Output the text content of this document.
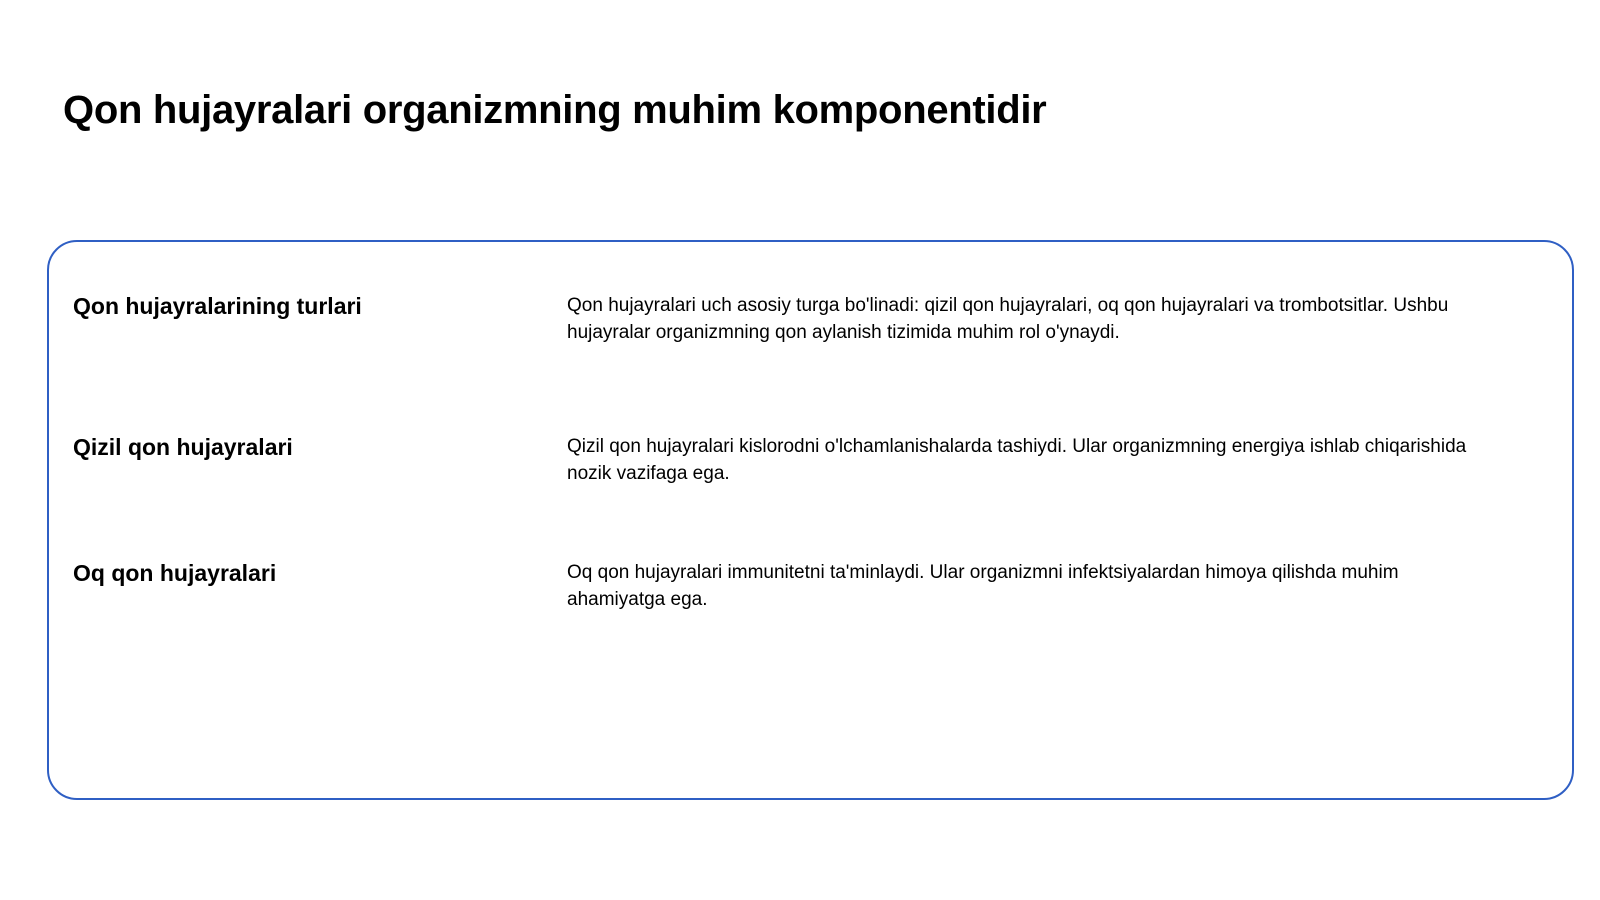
Qon hujayralari organizmning muhim komponentidir
Qon hujayralarining turlari	Qon hujayralari uch asosiy turga bo'linadi: qizil qon hujayralari, oq qon hujayralari va trombotsitlar. Ushbu hujayralar organizmning qon aylanish tizimida muhim rol o'ynaydi.
Qizil qon hujayralari	Qizil qon hujayralari kislorodni o'lchamlanishalarda tashiydi. Ular organizmning energiya ishlab chiqarishida nozik vazifaga ega.
Oq qon hujayralari	Oq qon hujayralari immunitetni ta'minlaydi. Ular organizmni infektsiyalardan himoya qilishda muhim ahamiyatga ega.
